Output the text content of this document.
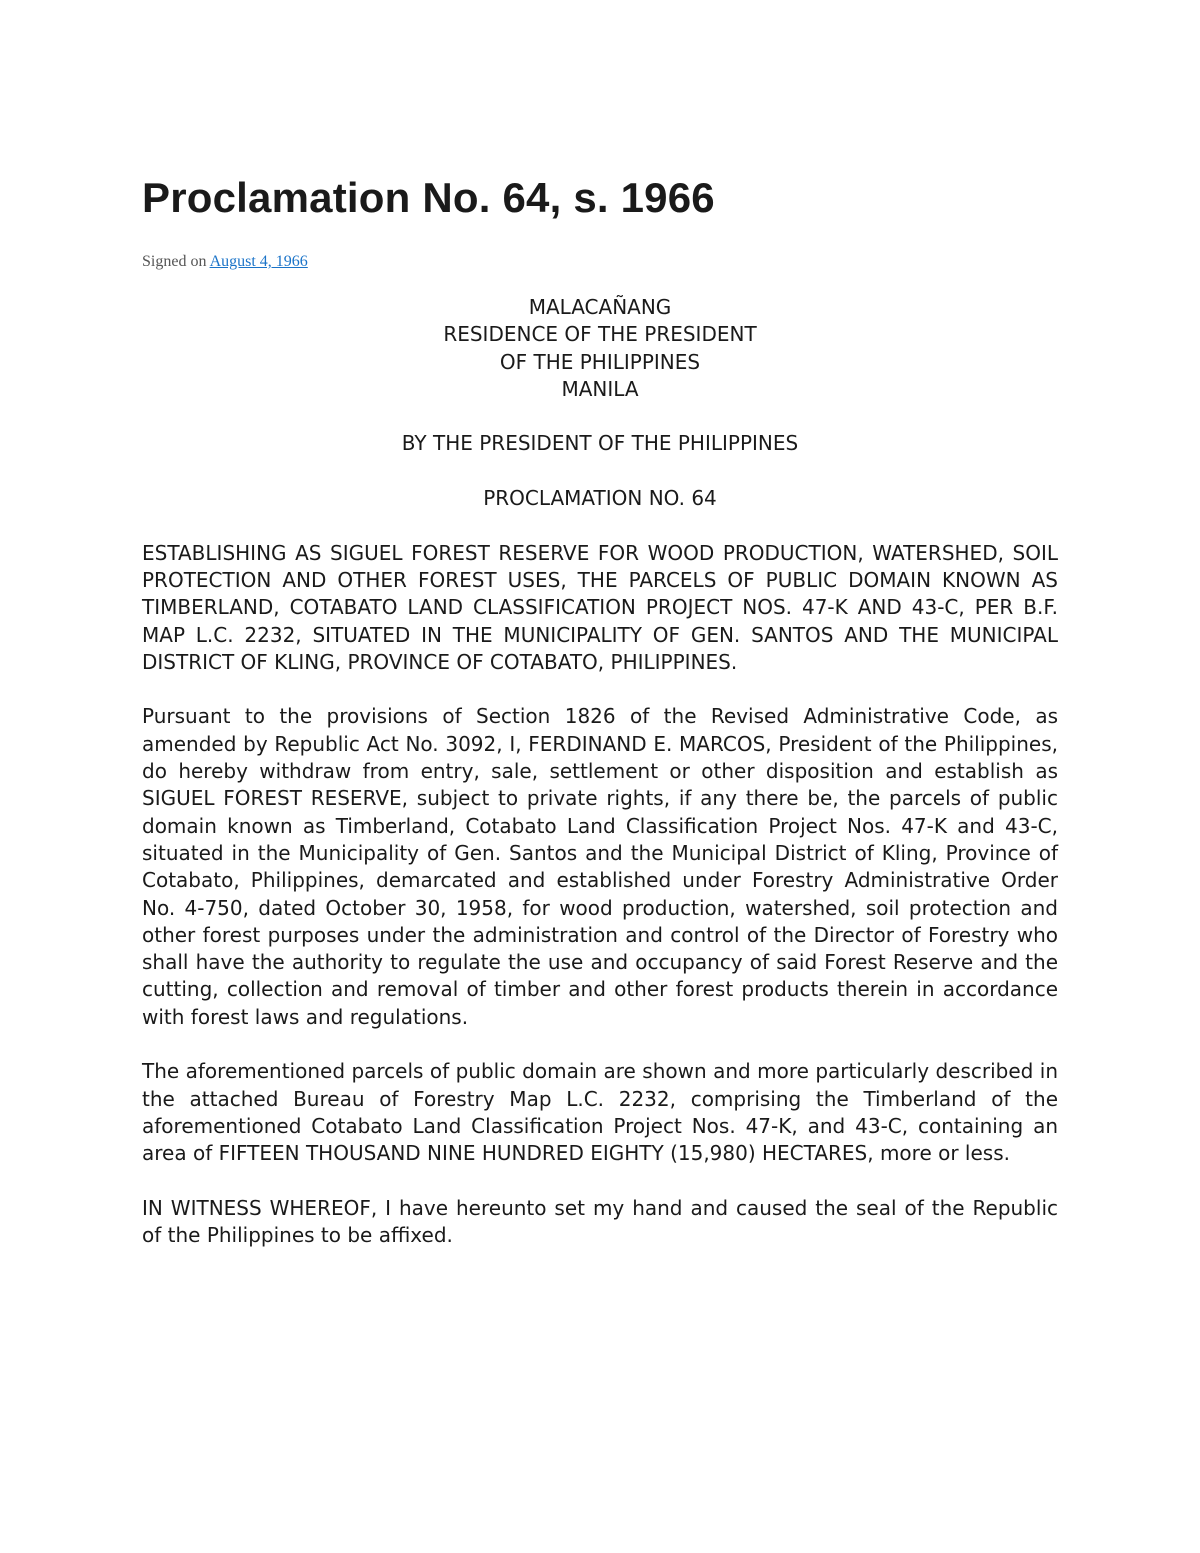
Proclamation No. 64, s. 1966

Signed on August 4, 1966

MALACAÑANG

RESIDENCE OF THE PRESIDENT

OF THE PHILIPPINES

MANILA

BY THE PRESIDENT OF THE PHILIPPINES

PROCLAMATION NO. 64

ESTABLISHING AS SIGUEL FOREST RESERVE FOR WOOD PRODUCTION, WATERSHED, SOIL PROTECTION AND OTHER FOREST USES, THE PARCELS OF PUBLIC DOMAIN KNOWN AS TIMBERLAND, COTABATO LAND CLASSIFICATION PROJECT NOS. 47-K AND 43-C, PER B.F. MAP L.C. 2232, SITUATED IN THE MUNICIPALITY OF GEN. SANTOS AND THE MUNICIPAL DISTRICT OF KLING, PROVINCE OF COTABATO, PHILIPPINES.

Pursuant to the provisions of Section 1826 of the Revised Administrative Code, as amended by Republic Act No. 3092, I, FERDINAND E. MARCOS, President of the Philippines, do hereby withdraw from entry, sale, settlement or other disposition and establish as SIGUEL FOREST RESERVE, subject to private rights, if any there be, the parcels of public domain known as Timberland, Cotabato Land Classification Project Nos. 47-K and 43-C, situated in the Municipality of Gen. Santos and the Municipal District of Kling, Province of Cotabato, Philippines, demarcated and established under Forestry Administrative Order No. 4-750, dated October 30, 1958, for wood production, watershed, soil protection and other forest purposes under the administration and control of the Director of Forestry who shall have the authority to regulate the use and occupancy of said Forest Reserve and the cutting, collection and removal of timber and other forest products therein in accordance with forest laws and regulations.

The aforementioned parcels of public domain are shown and more particularly described in the attached Bureau of Forestry Map L.C. 2232, comprising the Timberland of the aforementioned Cotabato Land Classification Project Nos. 47-K, and 43-C, containing an area of FIFTEEN THOUSAND NINE HUNDRED EIGHTY (15,980) HECTARES, more or less.

IN WITNESS WHEREOF, I have hereunto set my hand and caused the seal of the Republic of the Philippines to be affixed.
